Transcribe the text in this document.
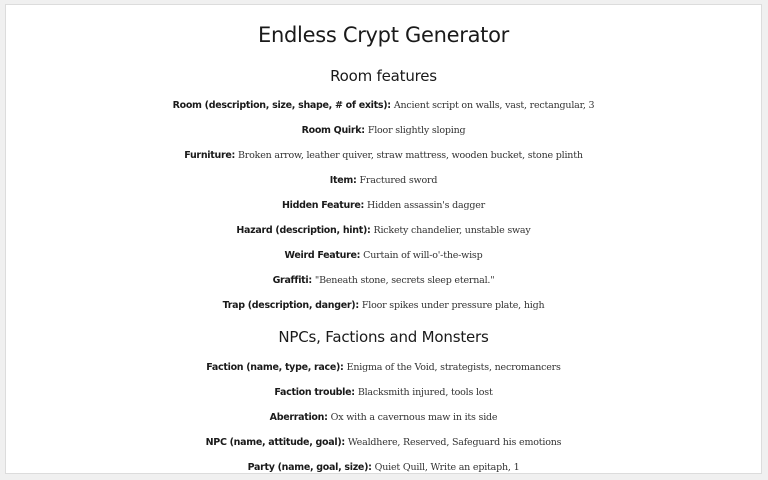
Endless Crypt Generator
Room features
Room (description, size, shape, # of exits): Ancient script on walls, vast, rectangular, 3
Room Quirk: Floor slightly sloping
Furniture: Broken arrow, leather quiver, straw mattress, wooden bucket, stone plinth
Item: Fractured sword
Hidden Feature: Hidden assassin's dagger
Hazard (description, hint): Rickety chandelier, unstable sway
Weird Feature: Curtain of will-o'-the-wisp
Graffiti: "Beneath stone, secrets sleep eternal."
Trap (description, danger): Floor spikes under pressure plate, high
NPCs, Factions and Monsters
Faction (name, type, race): Enigma of the Void, strategists, necromancers
Faction trouble: Blacksmith injured, tools lost
Aberration: Ox with a cavernous maw in its side
NPC (name, attitude, goal): Wealdhere, Reserved, Safeguard his emotions
Party (name, goal, size): Quiet Quill, Write an epitaph, 1
